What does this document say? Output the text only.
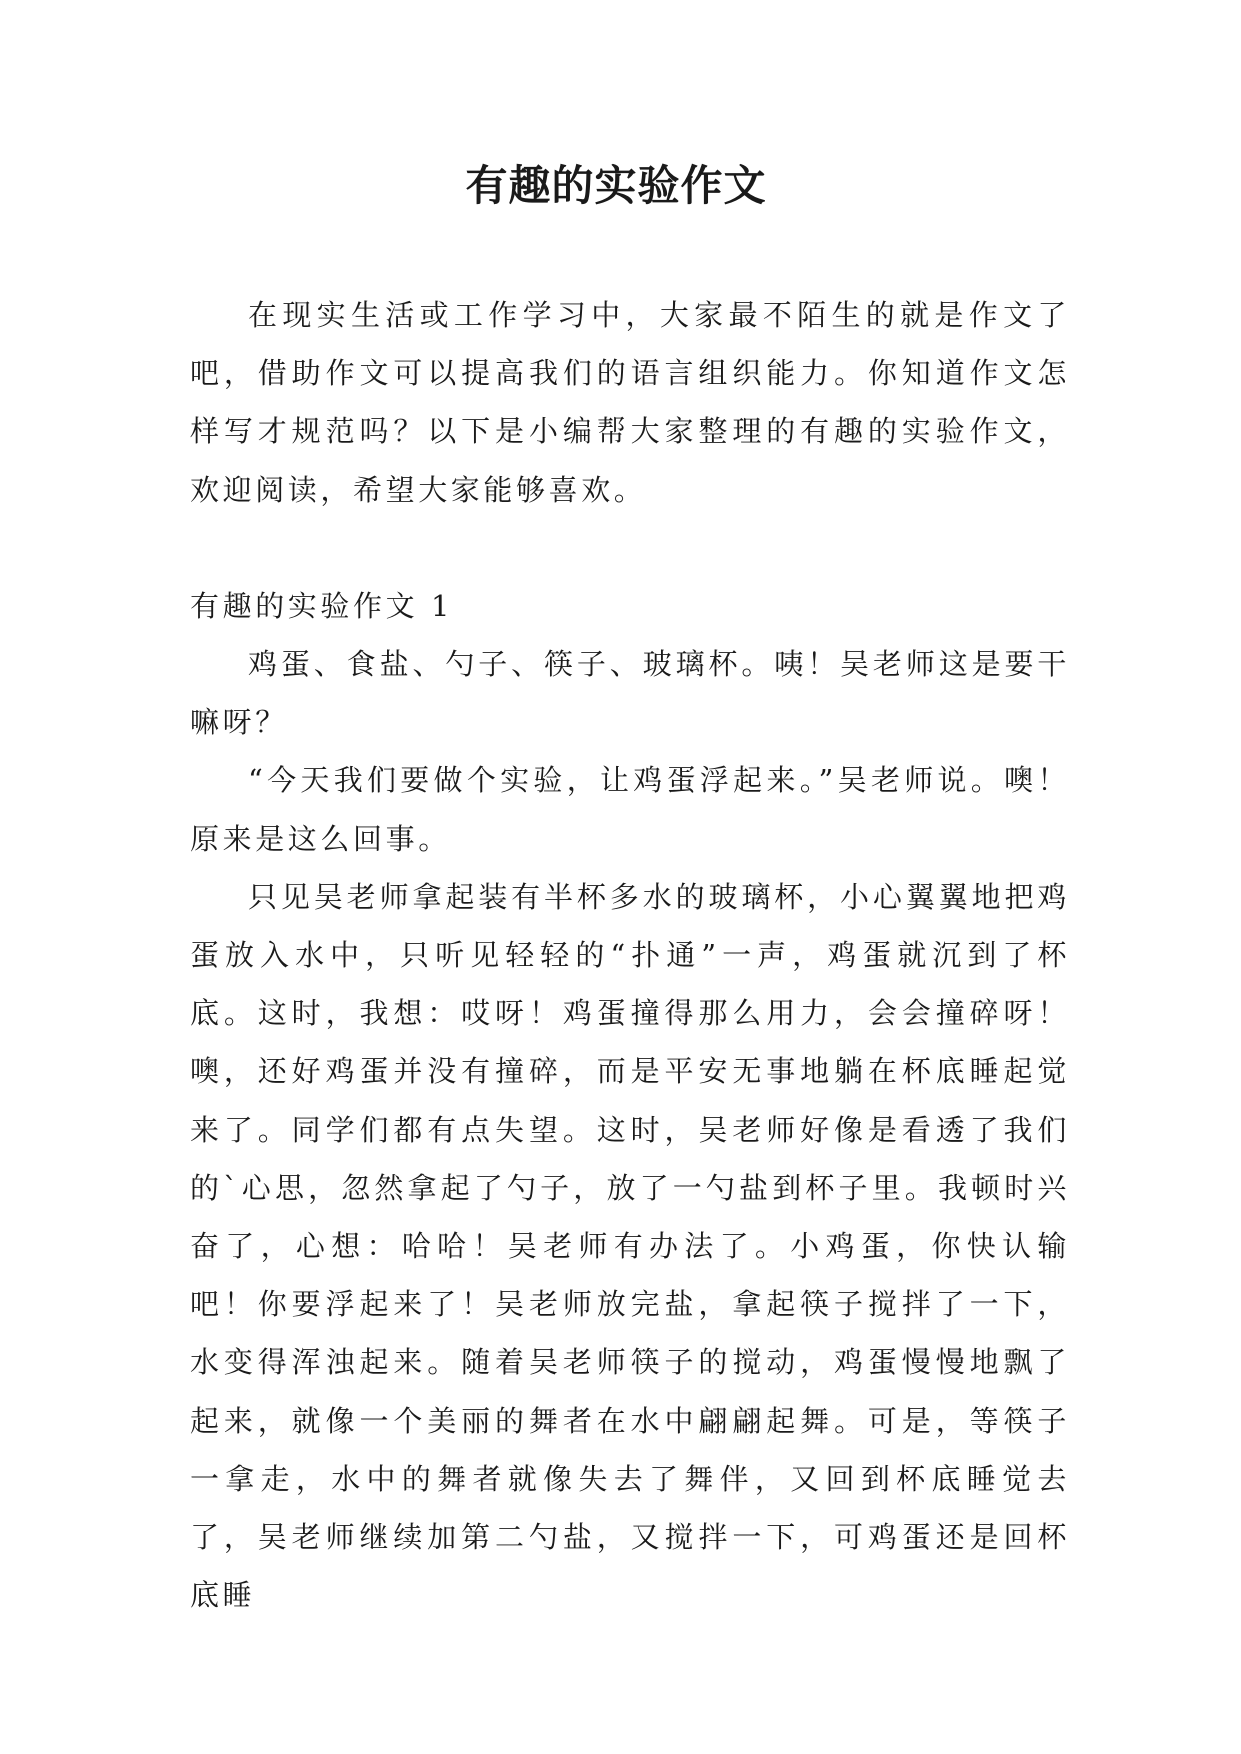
有趣的实验作文

在现实生活或工作学习中，大家最不陌生的就是作文了吧，借助作文可以提高我们的语言组织能力。你知道作文怎样写才规范吗？以下是小编帮大家整理的有趣的实验作文，欢迎阅读，希望大家能够喜欢。

有趣的实验作文 1

鸡蛋、食盐、勺子、筷子、玻璃杯。咦！吴老师这是要干嘛呀？

“今天我们要做个实验，让鸡蛋浮起来。”吴老师说。噢！原来是这么回事。

只见吴老师拿起装有半杯多水的玻璃杯，小心翼翼地把鸡蛋放入水中，只听见轻轻的“扑通”一声，鸡蛋就沉到了杯底。这时，我想：哎呀！鸡蛋撞得那么用力，会会撞碎呀！噢，还好鸡蛋并没有撞碎，而是平安无事地躺在杯底睡起觉来了。同学们都有点失望。这时，吴老师好像是看透了我们的`心思，忽然拿起了勺子，放了一勺盐到杯子里。我顿时兴奋了，心想：哈哈！吴老师有办法了。小鸡蛋，你快认输吧！你要浮起来了！吴老师放完盐，拿起筷子搅拌了一下，水变得浑浊起来。随着吴老师筷子的搅动，鸡蛋慢慢地飘了起来，就像一个美丽的舞者在水中翩翩起舞。可是，等筷子一拿走，水中的舞者就像失去了舞伴，又回到杯底睡觉去了，吴老师继续加第二勺盐，又搅拌一下，可鸡蛋还是回杯底睡
